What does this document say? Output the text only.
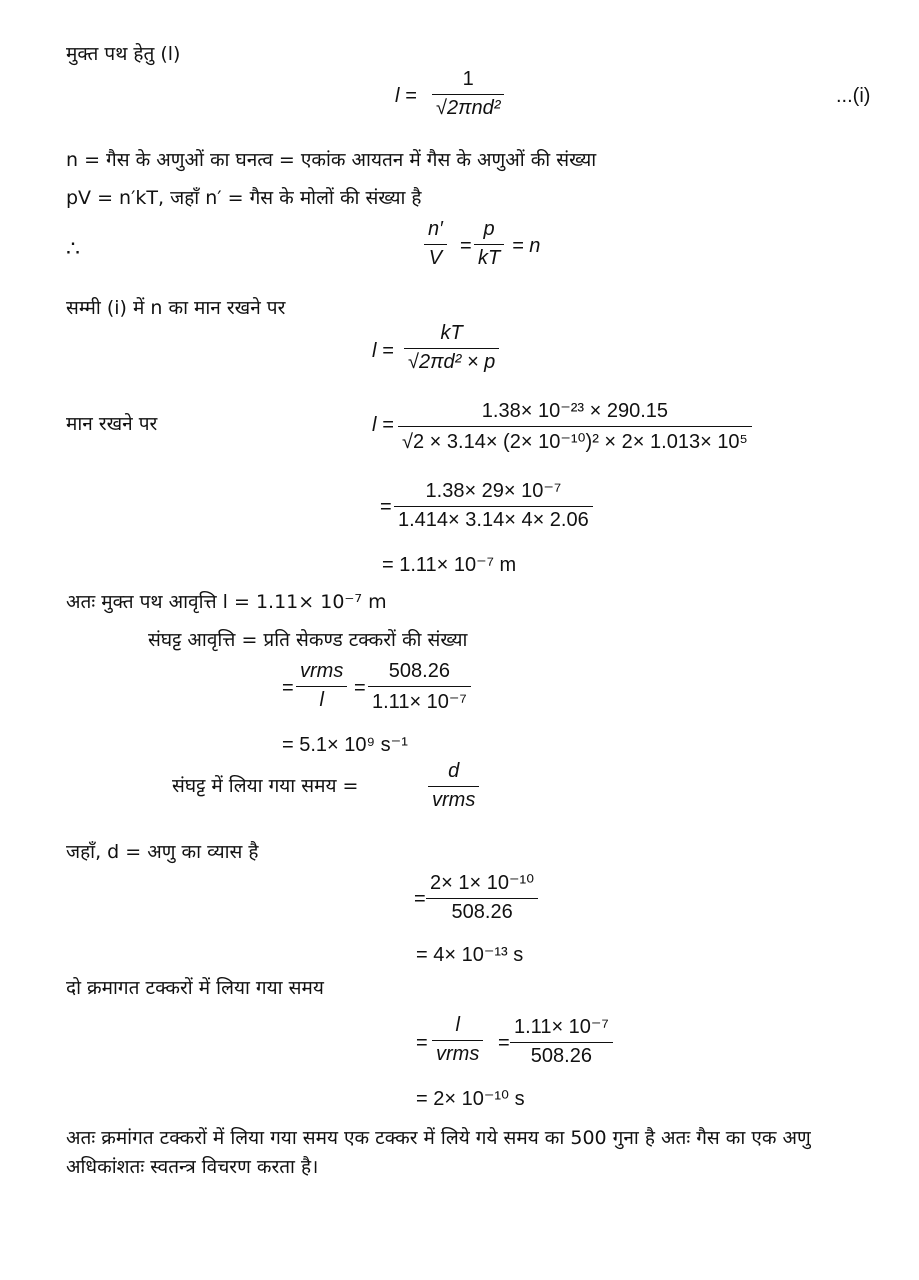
मुक्त पथ हेतु (l)
l =
1
√2πnd²
...(i)
n = गैस के अणुओं का घनत्व = एकांक आयतन में गैस के अणुओं की संख्या
pV = n′kT, जहाँ n′ = गैस के मोलों की संख्या है
∴
n′
V
=
p
kT
= n
सम्मी (i) में n का मान रखने पर
l =
kT
√2πd² × p
मान रखने पर	l =
1.38× 10⁻²³ × 290.15
√2 × 3.14× (2× 10⁻¹⁰)² × 2× 1.013× 10⁵
=
1.38× 29× 10⁻⁷
1.414× 3.14× 4× 2.06
= 1.11× 10⁻⁷ m
अतः मुक्त पथ आवृत्ति l = 1.11× 10⁻⁷ m
संघट्ट आवृत्ति = प्रति सेकण्ड टक्करों की संख्या
=
vrms
l
=
508.26
1.11× 10⁻⁷
= 5.1× 10⁹ s⁻¹
संघट्ट में लिया गया समय =
d
vrms
जहाँ, d = अणु का व्यास है
=
2× 1× 10⁻¹⁰
508.26
= 4× 10⁻¹³ s
दो क्रमागत टक्करों में लिया गया समय
=
l
vrms =
1.11× 10⁻⁷
508.26
= 2× 10⁻¹⁰ s
अतः क्रमांगत टक्करों में लिया गया समय एक टक्कर में लिये गये समय का 500 गुना है अतः गैस का एक अणु अधिकांशतः स्वतन्त्र विचरण करता है।
